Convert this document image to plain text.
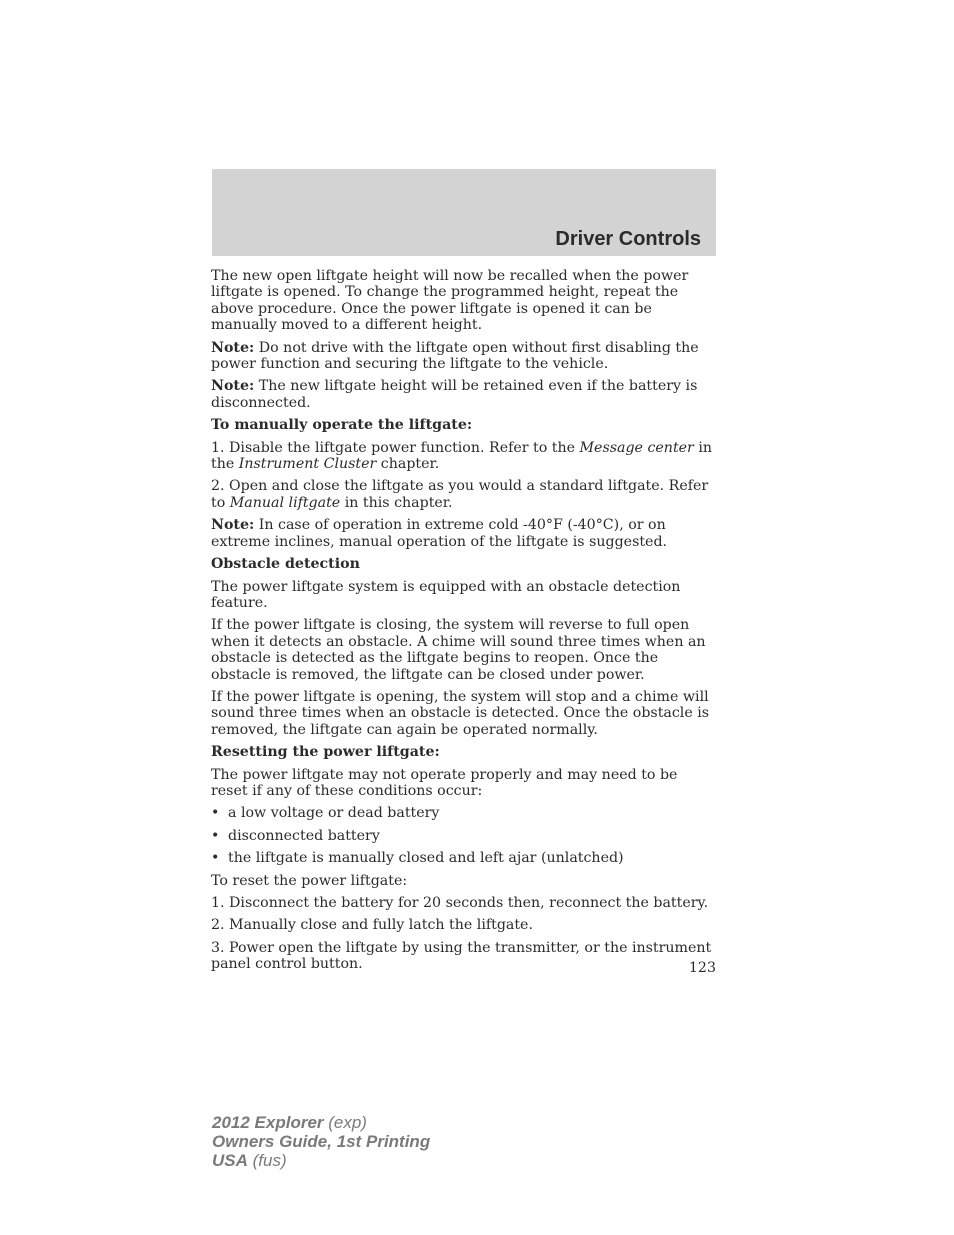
Driver Controls

The new open liftgate height will now be recalled when the power liftgate is opened. To change the programmed height, repeat the above procedure. Once the power liftgate is opened it can be manually moved to a different height.

Note: Do not drive with the liftgate open without first disabling the power function and securing the liftgate to the vehicle.

Note: The new liftgate height will be retained even if the battery is disconnected.

To manually operate the liftgate:

1. Disable the liftgate power function. Refer to the Message center in the Instrument Cluster chapter.

2. Open and close the liftgate as you would a standard liftgate. Refer to Manual liftgate in this chapter.

Note: In case of operation in extreme cold -40°F (-40°C), or on extreme inclines, manual operation of the liftgate is suggested.

Obstacle detection

The power liftgate system is equipped with an obstacle detection feature.

If the power liftgate is closing, the system will reverse to full open when it detects an obstacle. A chime will sound three times when an obstacle is detected as the liftgate begins to reopen. Once the obstacle is removed, the liftgate can be closed under power.

If the power liftgate is opening, the system will stop and a chime will sound three times when an obstacle is detected. Once the obstacle is removed, the liftgate can again be operated normally.

Resetting the power liftgate:

The power liftgate may not operate properly and may need to be reset if any of these conditions occur:

• a low voltage or dead battery
• disconnected battery
• the liftgate is manually closed and left ajar (unlatched)

To reset the power liftgate:

1. Disconnect the battery for 20 seconds then, reconnect the battery.

2. Manually close and fully latch the liftgate.

3. Power open the liftgate by using the transmitter, or the instrument panel control button.	123
2012 Explorer (exp)
Owners Guide, 1st Printing
USA (fus)
